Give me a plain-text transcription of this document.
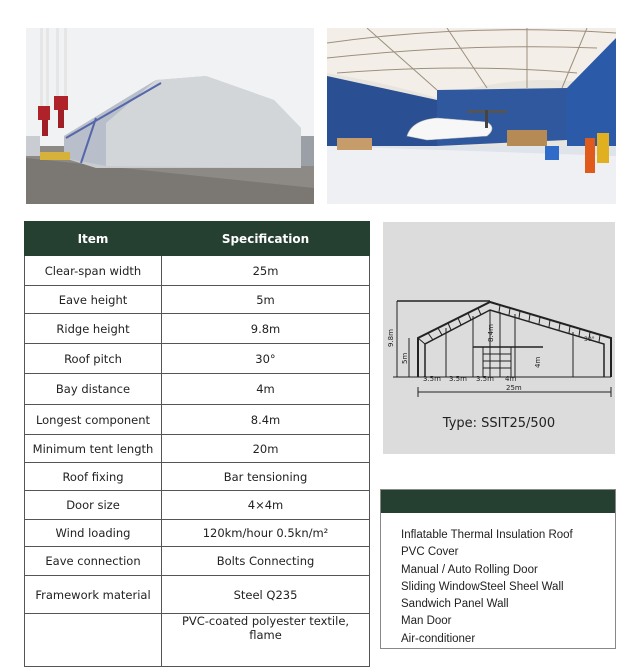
Item	Specification
Clear-span width	25m
Eave height	5m
Ridge height	9.8m
Roof pitch	30°
Bay distance	4m
Longest component	8.4m
Minimum tent length	20m
Roof fixing	Bar tensioning
Door size	4×4m
Wind loading	120km/hour 0.5kn/m²
Eave connection	Bolts Connecting
Framework material	Steel Q235
	PVC-coated polyester textile, flame
9.8m
5m
8.4m
4m
30°
3.5m 3.5m 3.5m 4m
25m
Type: SSIT25/500
Inflatable Thermal Insulation Roof
PVC Cover
Manual / Auto Rolling Door
Sliding WindowSteel Sheel Wall
Sandwich Panel Wall
Man Door
Air-conditioner
